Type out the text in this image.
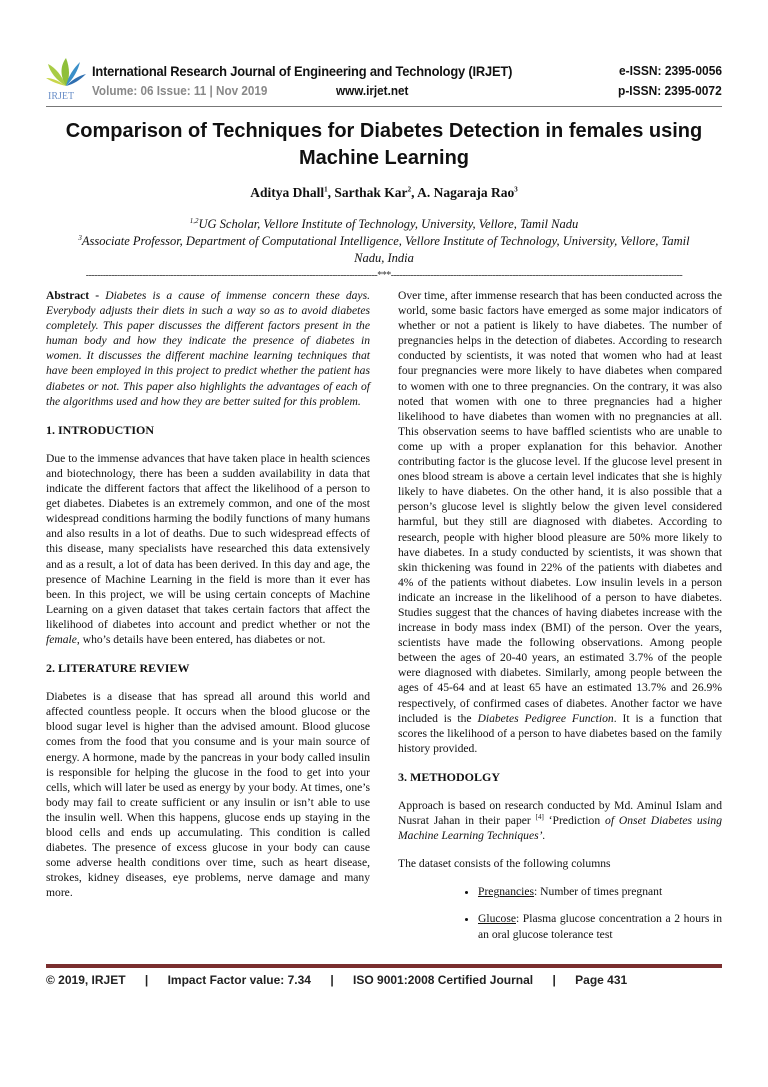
IRJET
International Research Journal of Engineering and Technology (IRJET)
Volume: 06 Issue: 11 | Nov 2019	www.irjet.net
e-ISSN: 2395-0056
p-ISSN: 2395-0072
Comparison of Techniques for Diabetes Detection in females using Machine Learning
Aditya Dhall$^1$, Sarthak Kar$^2$, A. Nagaraja Rao$^3$
$^{1,2}$UG Scholar, Vellore Institute of Technology, University, Vellore, Tamil Nadu
$^3$Associate Professor, Department of Computational Intelligence, Vellore Institute of Technology, University, Vellore, Tamil Nadu, India
-------------------------------------------------------------------------------------------------------***-------------------------------------------------------------------------------------------------------

Abstract - Diabetes is a cause of immense concern these days. Everybody adjusts their diets in such a way so as to avoid diabetes completely. This paper discusses the different factors present in the human body and how they indicate the presence of diabetes in women. It discusses the different machine learning techniques that have been employed in this project to predict whether the patient has diabetes or not. This paper also highlights the advantages of each of the algorithms used and how they are better suited for this problem.

1. INTRODUCTION

Due to the immense advances that have taken place in health sciences and biotechnology, there has been a sudden availability in data that indicate the different factors that affect the likelihood of a person to get diabetes. Diabetes is an extremely common, and one of the most widespread conditions harming the bodily functions of many humans and also results in a lot of deaths. Due to such widespread effects of this disease, many specialists have researched this data extensively and as a result, a lot of data has been derived. In this day and age, the presence of Machine Learning in the field is more than it ever has been. In this project, we will be using certain concepts of Machine Learning on a given dataset that takes certain factors that affect the likelihood of diabetes into account and predict whether or not the female, who’s details have been entered, has diabetes or not.

2. LITERATURE REVIEW

Diabetes is a disease that has spread all around this world and affected countless people. It occurs when the blood glucose or the blood sugar level is higher than the advised amount. Blood glucose comes from the food that you consume and is your main source of energy. A hormone, made by the pancreas in your body called insulin is responsible for helping the glucose in the food to get into your cells, which will later be used as energy by your body. At times, one’s body may fail to create sufficient or any insulin or isn’t able to use the insulin well. When this happens, glucose ends up staying in the blood cells and ends up accumulating. This condition is called diabetes. The presence of excess glucose in your body can cause some adverse health conditions over time, such as heart disease, strokes, kidney diseases, eye problems, nerve damage and many more.

Over time, after immense research that has been conducted across the world, some basic factors have emerged as some major indicators of whether or not a patient is likely to have diabetes. The number of pregnancies helps in the detection of diabetes. According to research conducted by scientists, it was noted that women who had at least four pregnancies were more likely to have diabetes when compared to women with one to three pregnancies. On the contrary, it was also noted that women with one to three pregnancies had a higher likelihood to have diabetes than women with no pregnancies at all. This observation seems to have baffled scientists who are unable to come up with a proper explanation for this behavior. Another contributing factor is the glucose level. If the glucose level present in ones blood stream is above a certain level indicates that she is highly likely to have diabetes. On the other hand, it is also possible that a person’s glucose level is slightly below the given level considered harmful, but they still are diagnosed with diabetes. According to research, people with higher blood pleasure are 50% more likely to have diabetes. In a study conducted by scientists, it was shown that skin thickening was found in 22% of the patients with diabetes and 4% of the patients without diabetes. Low insulin levels in a person indicate an increase in the likelihood of a person to have diabetes. Studies suggest that the chances of having diabetes increase with the increase in body mass index (BMI) of the person. Over the years, scientists have made the following observations. Among people between the ages of 20-40 years, an estimated 3.7% of the people were diagnosed with diabetes. Similarly, among people between the ages of 45-64 and at least 65 have an estimated 13.7% and 26.9% respectively, of confirmed cases of diabetes. Another factor we have included is the Diabetes Pedigree Function. It is a function that scores the likelihood of a person to have diabetes based on the family history provided.

3. METHODOLGY

Approach is based on research conducted by Md. Aminul Islam and Nusrat Jahan in their paper [4] ‘Prediction of Onset Diabetes using Machine Learning Techniques’.

The dataset consists of the following columns

• Pregnancies: Number of times pregnant
• Glucose: Plasma glucose concentration a 2 hours in an oral glucose tolerance test
© 2019, IRJET | Impact Factor value: 7.34 | ISO 9001:2008 Certified Journal | Page 431
